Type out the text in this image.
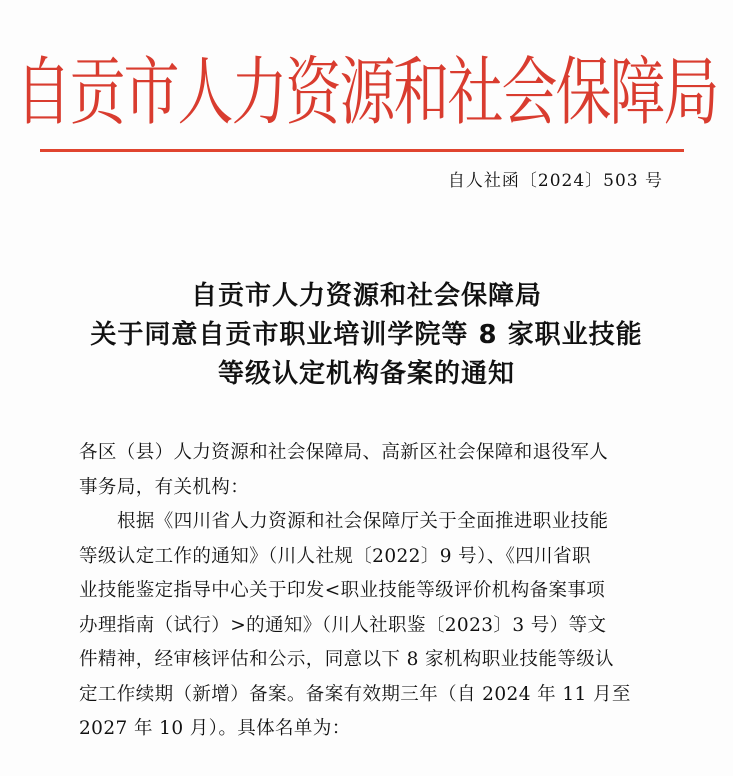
自贡市人力资源和社会保障局
自人社函〔2024〕503 号
自贡市人力资源和社会保障局
关于同意自贡市职业培训学院等 8 家职业技能
等级认定机构备案的通知

各区（县）人力资源和社会保障局、高新区社会保障和退役军人

事务局，有关机构：

根据《四川省人力资源和社会保障厅关于全面推进职业技能

等级认定工作的通知》（川人社规〔2022〕9 号）、《四川省职

业技能鉴定指导中心关于印发<职业技能等级评价机构备案事项

办理指南（试行）>的通知》（川人社职鉴〔2023〕3 号）等文

件精神，经审核评估和公示，同意以下 8 家机构职业技能等级认

定工作续期（新增）备案。备案有效期三年（自 2024 年 11 月至

2027 年 10 月）。具体名单为：
